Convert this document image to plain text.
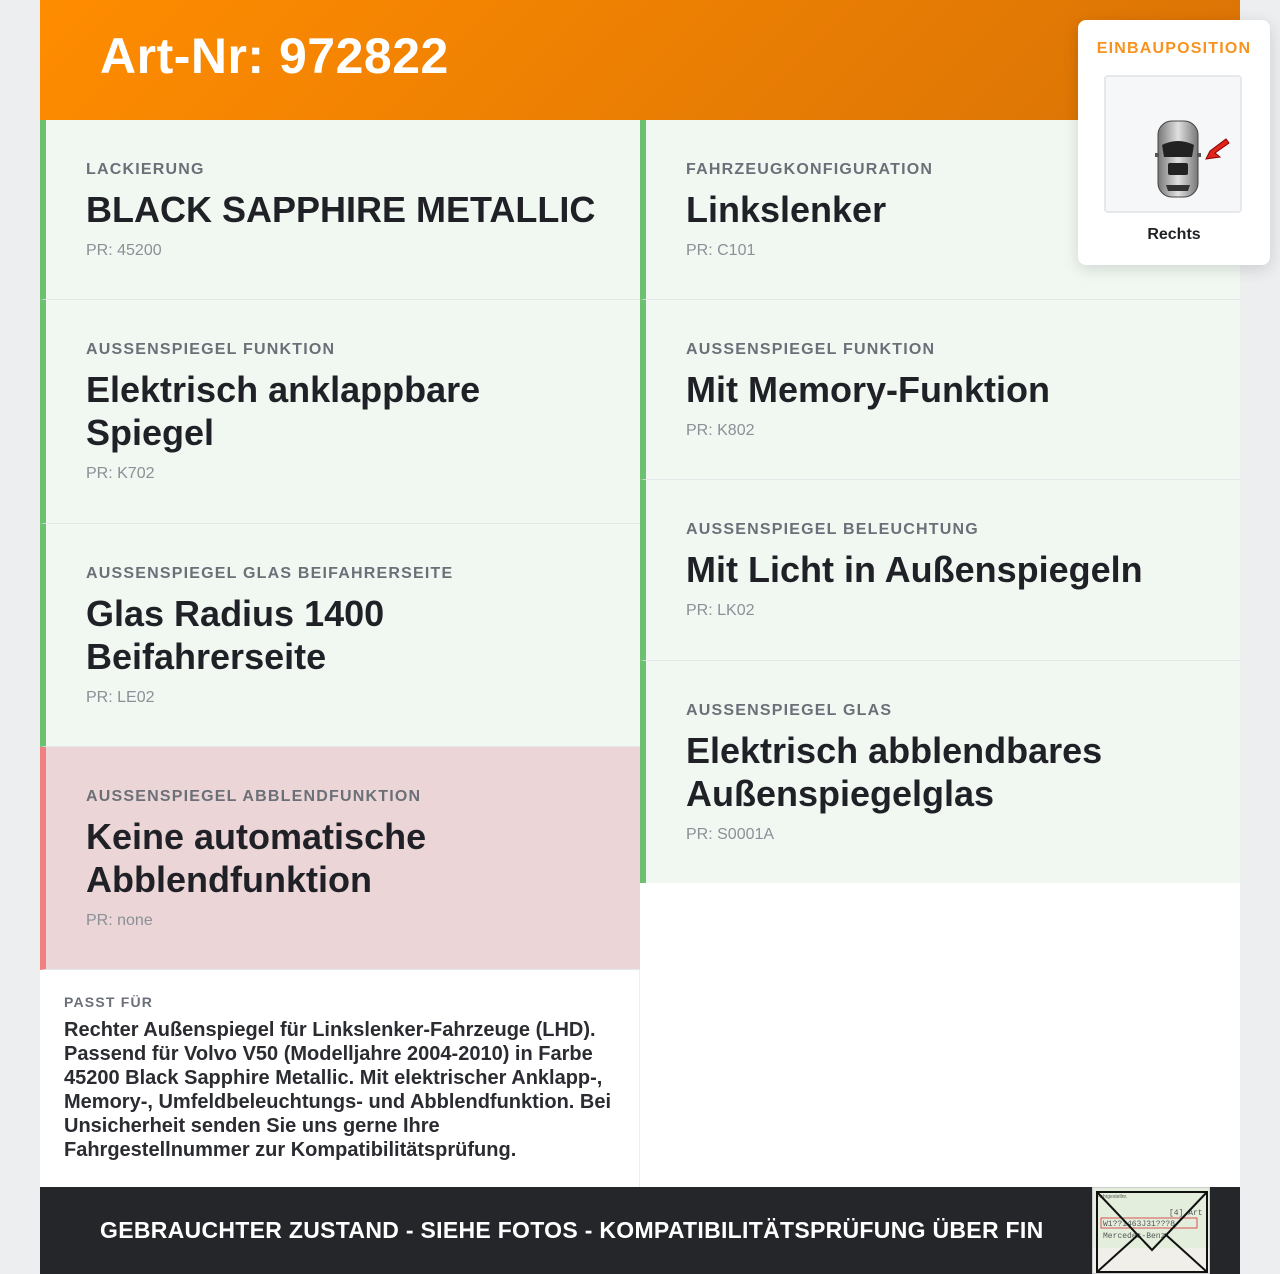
Art-Nr: 972822
LACKIERUNG
BLACK SAPPHIRE METALLIC
PR: 45200
AUSSENSPIEGEL FUNKTION
Elektrisch anklappbare Spiegel
PR: K702
AUSSENSPIEGEL GLAS BEIFAHRERSEITE
Glas Radius 1400 Beifahrerseite
PR: LE02
AUSSENSPIEGEL ABBLENDFUNKTION
Keine automatische Abblendfunktion
PR: none
FAHRZEUGKONFIGURATION
Linkslenker
PR: C101
AUSSENSPIEGEL FUNKTION
Mit Memory-Funktion
PR: K802
AUSSENSPIEGEL BELEUCHTUNG
Mit Licht in Außenspiegeln
PR: LK02
AUSSENSPIEGEL GLAS
Elektrisch abblendbares Außenspiegelglas
PR: S0001A
PASST FÜR
Rechter Außenspiegel für Linkslenker-Fahrzeuge (LHD). Passend für Volvo V50 (Modelljahre 2004-2010) in Farbe 45200 Black Sapphire Metallic. Mit elektrischer Anklapp-, Memory-, Umfeldbeleuchtungs- und Abblendfunktion. Bei Unsicherheit senden Sie uns gerne Ihre Fahrgestellnummer zur Kompatibilitätsprüfung.
GEBRAUCHTER ZUSTAND - SIEHE FOTOS - KOMPATIBILITÄTSPRÜFUNG ÜBER FIN
Fahrgestellnr.
[4] Art
W1??1463J31???8
Mercedes-Benz
EINBAUPOSITION
Rechts
